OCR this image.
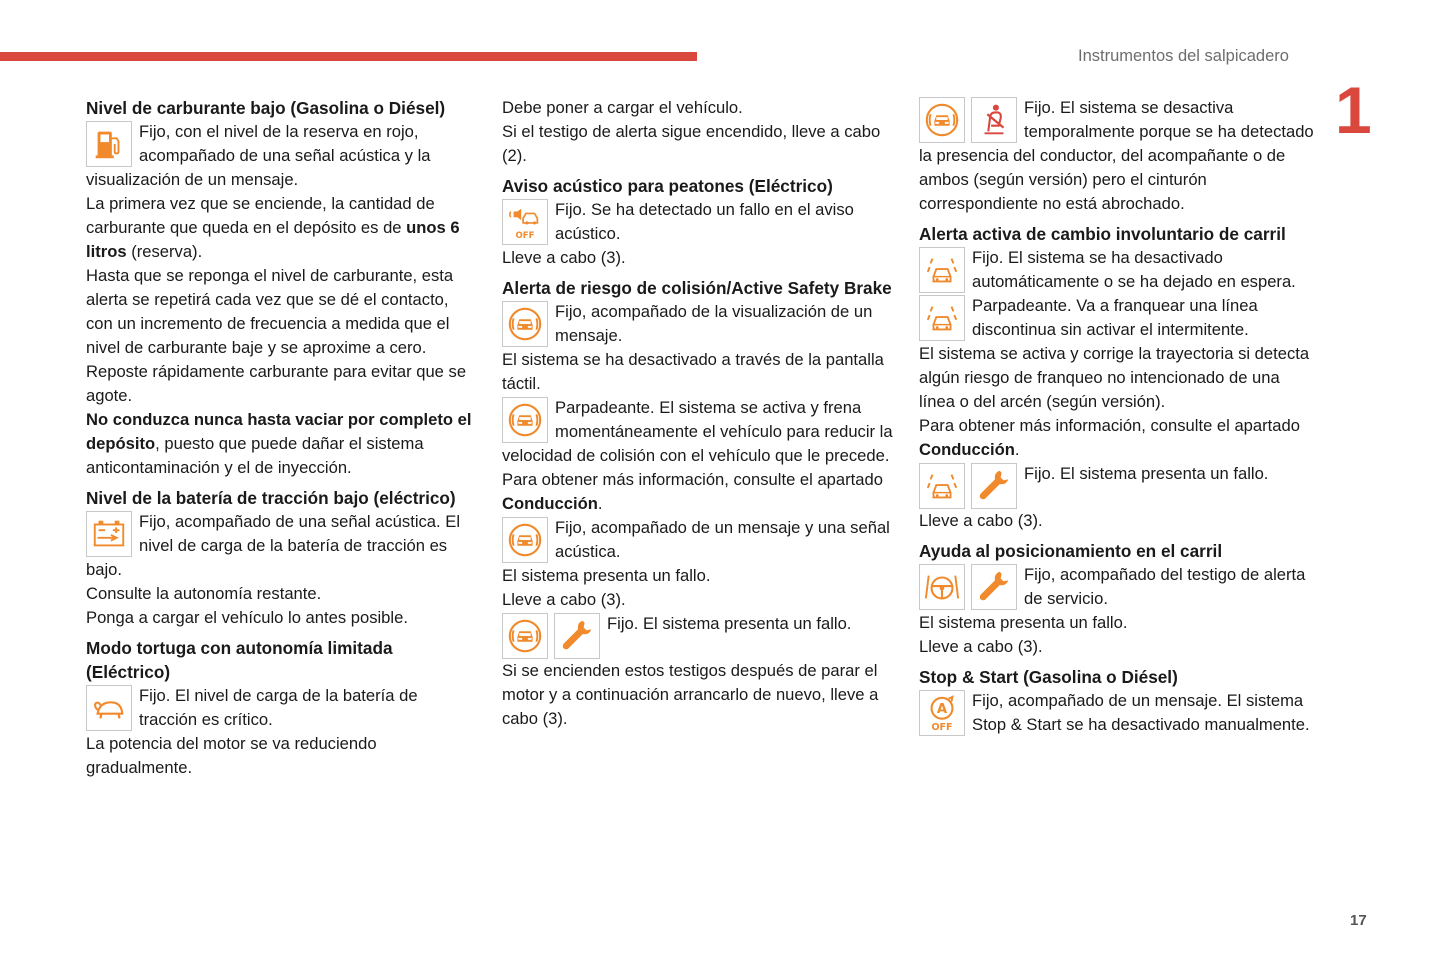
Instrumentos del salpicadero
1
17
Nivel de carburante bajo (Gasolina o Diésel)
Fijo, con el nivel de la reserva en rojo, acompañado de una señal acústica y la visualización de un mensaje.

La primera vez que se enciende, la cantidad de carburante que queda en el depósito es de unos 6 litros (reserva).

Hasta que se reponga el nivel de carburante, esta alerta se repetirá cada vez que se dé el contacto, con un incremento de frecuencia a medida que el nivel de carburante baje y se aproxime a cero.

Reposte rápidamente carburante para evitar que se agote.

No conduzca nunca hasta vaciar por completo el depósito, puesto que puede dañar el sistema anticontaminación y el de inyección.

Nivel de la batería de tracción bajo (eléctrico)
Fijo, acompañado de una señal acústica. El nivel de carga de la batería de tracción es bajo.

Consulte la autonomía restante.

Ponga a cargar el vehículo lo antes posible.

Modo tortuga con autonomía limitada (Eléctrico)
Fijo. El nivel de carga de la batería de tracción es crítico.

La potencia del motor se va reduciendo gradualmente.

Debe poner a cargar el vehículo.

Si el testigo de alerta sigue encendido, lleve a cabo (2).

Aviso acústico para peatones (Eléctrico)
OFF
Fijo. Se ha detectado un fallo en el aviso acústico.

Lleve a cabo (3).

Alerta de riesgo de colisión/Active Safety Brake
Fijo, acompañado de la visualización de un mensaje.

El sistema se ha desactivado a través de la pantalla táctil.

Parpadeante. El sistema se activa y frena momentáneamente el vehículo para reducir la velocidad de colisión con el vehículo que le precede.

Para obtener más información, consulte el apartado Conducción.

Fijo, acompañado de un mensaje y una señal acústica.

El sistema presenta un fallo.

Lleve a cabo (3).

Fijo. El sistema presenta un fallo.

Si se encienden estos testigos después de parar el motor y a continuación arrancarlo de nuevo, lleve a cabo (3).

Fijo. El sistema se desactiva temporalmente porque se ha detectado la presencia del conductor, del acompañante o de ambos (según versión) pero el cinturón correspondiente no está abrochado.
Alerta activa de cambio involuntario de carril
Fijo. El sistema se ha desactivado automáticamente o se ha dejado en espera.
Parpadeante. Va a franquear una línea discontinua sin activar el intermitente.

El sistema se activa y corrige la trayectoria si detecta algún riesgo de franqueo no intencionado de una línea o del arcén (según versión).

Para obtener más información, consulte el apartado Conducción.

Fijo. El sistema presenta un fallo.

Lleve a cabo (3).

Ayuda al posicionamiento en el carril
Fijo, acompañado del testigo de alerta de servicio.

El sistema presenta un fallo.

Lleve a cabo (3).

Stop & Start (Gasolina o Diésel)
A
OFF
Fijo, acompañado de un mensaje. El sistema Stop & Start se ha desactivado manualmente.
